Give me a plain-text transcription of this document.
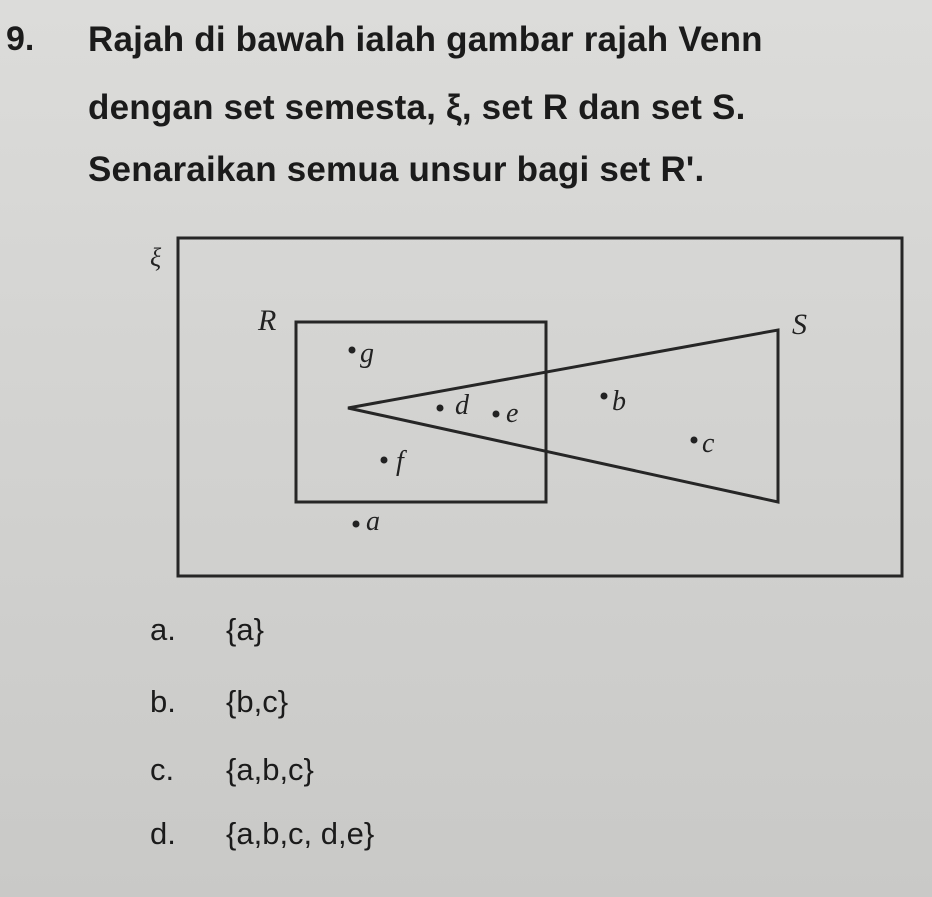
9. Rajah di bawah ialah gambar rajah Venn
dengan set semesta, ξ, set R dan set S.
Senaraikan semua unsur bagi set R'.
ξ
R	S
g
d e	b
c
f
a
a. {a}
b. {b,c}
c. {a,b,c}
d. {a,b,c, d,e}
